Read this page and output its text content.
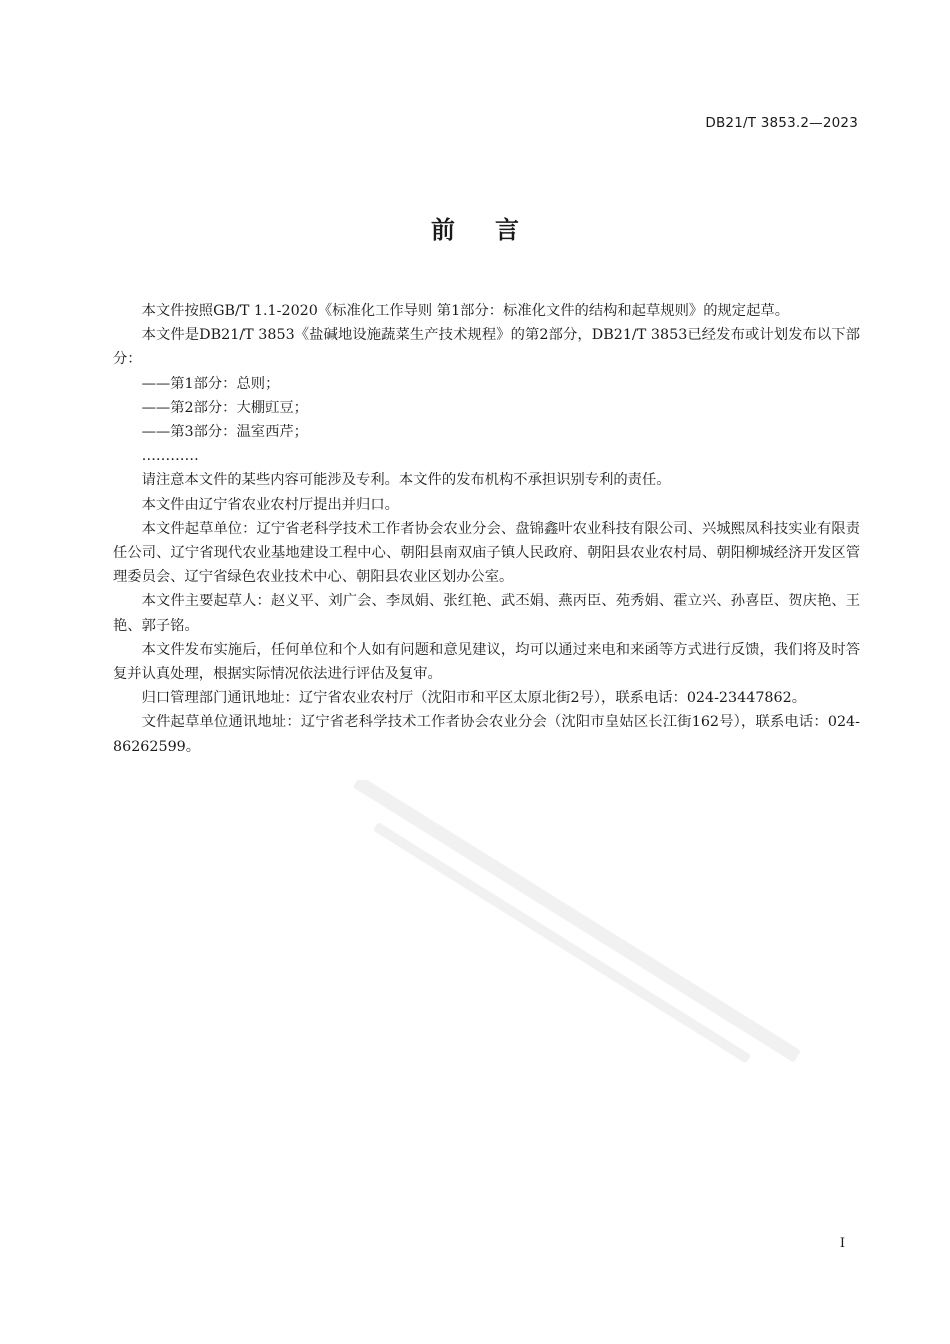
DB21/T 3853.2—2023
前言

本文件按照GB/T 1.1-2020《标准化工作导则 第1部分：标准化文件的结构和起草规则》的规定起草。

本文件是DB21/T 3853《盐碱地设施蔬菜生产技术规程》的第2部分，DB21/T 3853已经发布或计划发布以下部分：

——第1部分：总则；

——第2部分：大棚豇豆；

——第3部分：温室西芹；

…………

请注意本文件的某些内容可能涉及专利。本文件的发布机构不承担识别专利的责任。

本文件由辽宁省农业农村厅提出并归口。

本文件起草单位：辽宁省老科学技术工作者协会农业分会、盘锦鑫叶农业科技有限公司、兴城熙凤科技实业有限责任公司、辽宁省现代农业基地建设工程中心、朝阳县南双庙子镇人民政府、朝阳县农业农村局、朝阳柳城经济开发区管理委员会、辽宁省绿色农业技术中心、朝阳县农业区划办公室。

本文件主要起草人：赵义平、刘广会、李凤娟、张红艳、武丕娟、燕丙臣、苑秀娟、霍立兴、孙喜臣、贺庆艳、王艳、郭子铭。

本文件发布实施后，任何单位和个人如有问题和意见建议，均可以通过来电和来函等方式进行反馈，我们将及时答复并认真处理，根据实际情况依法进行评估及复审。

归口管理部门通讯地址：辽宁省农业农村厅（沈阳市和平区太原北街2号），联系电话：024-23447862。

文件起草单位通讯地址：辽宁省老科学技术工作者协会农业分会（沈阳市皇姑区长江街162号），联系电话：024-86262599。

I
